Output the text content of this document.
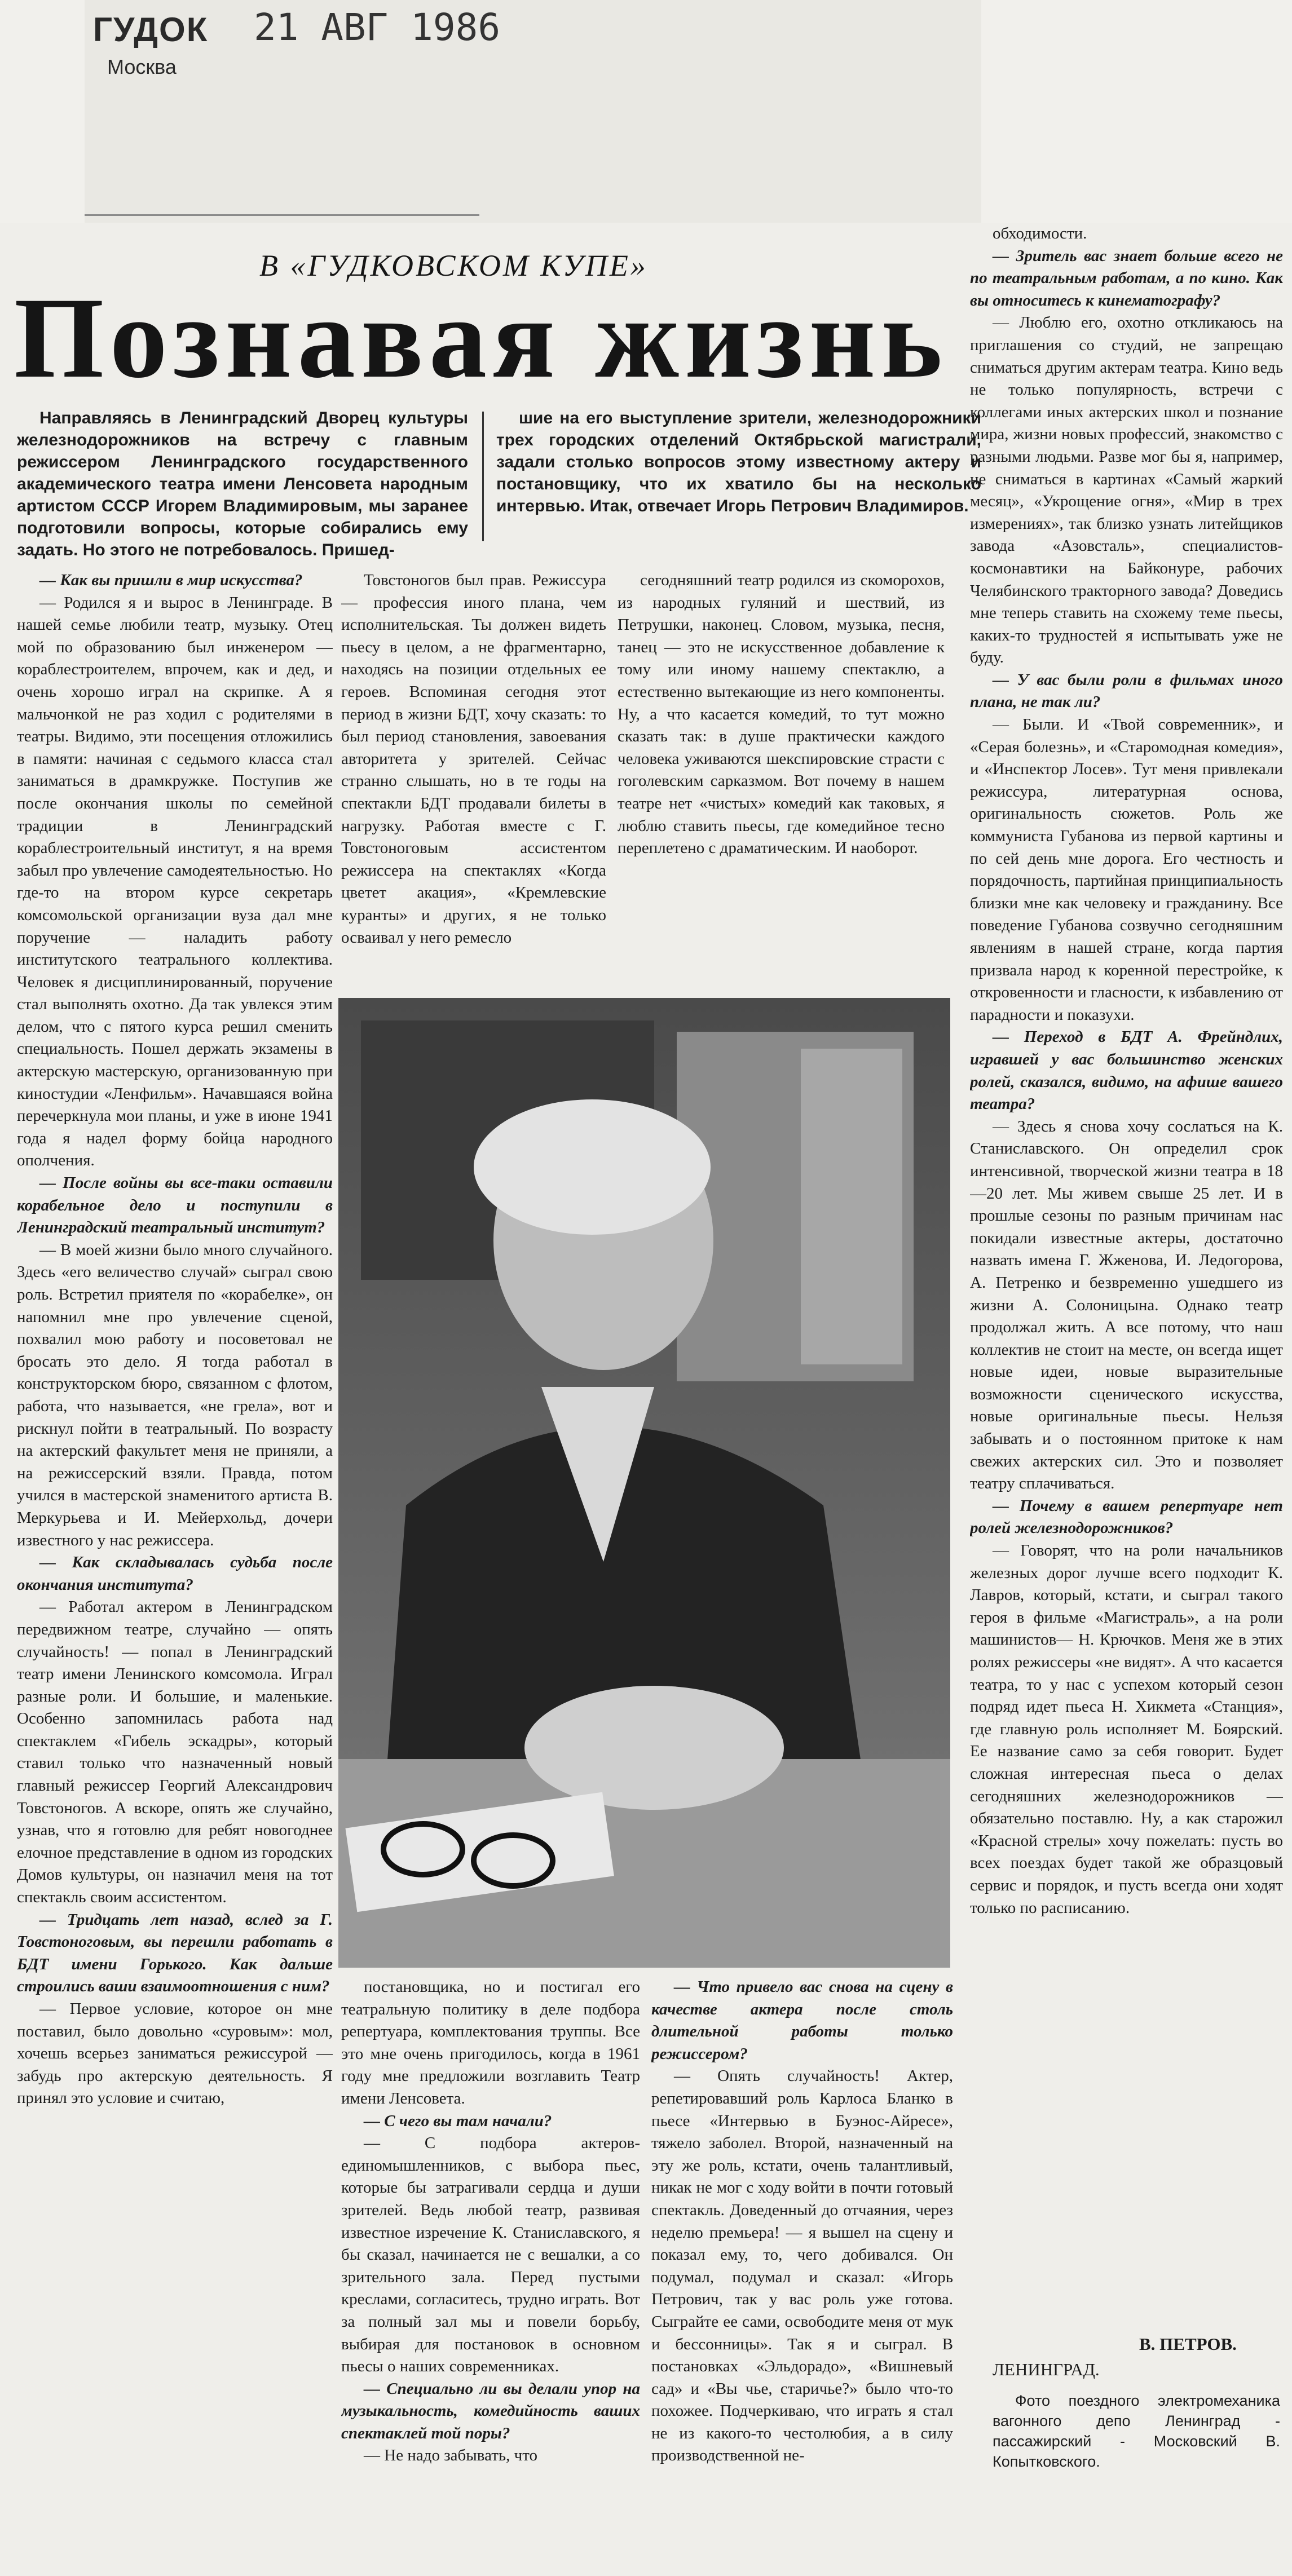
ГУДОК
Москва
21 АВГ 1986
В «ГУДКОВСКОМ КУПЕ»
Познавая жизнь

Направляясь в Ленинградский Дворец культуры железнодорожников на встречу с главным режиссером Ленинградского государственного академического театра имени Ленсовета народным артистом СССР Игорем Владимировым, мы заранее подготовили вопросы, которые собирались ему задать. Но этого не потребовалось. Пришед-

шие на его выступление зрители, железнодорожники трех городских отделений Октябрьской магистрали, задали столько вопросов этому известному актеру и постановщику, что их хватило бы на несколько интервью. Итак, отвечает Игорь Петрович Владимиров.

— Как вы пришли в мир искусства?

— Родился я и вырос в Ленинграде. В нашей семье любили театр, музыку. Отец мой по образованию был инженером — кораблестроителем, впрочем, как и дед, и очень хорошо играл на скрипке. А я мальчонкой не раз ходил с родителями в театры. Видимо, эти посещения отложились в памяти: начиная с седьмого класса стал заниматься в драмкружке. Поступив же после окончания школы по семейной традиции в Ленинградский кораблестроительный институт, я на время забыл про увлечение самодеятельностью. Но где-то на втором курсе секретарь комсомольской организации вуза дал мне поручение — наладить работу институтского театрального коллектива. Человек я дисциплинированный, поручение стал выполнять охотно. Да так увлекся этим делом, что с пятого курса решил сменить специальность. Пошел держать экзамены в актерскую мастерскую, организованную при киностудии «Ленфильм». Начавшаяся война перечеркнула мои планы, и уже в июне 1941 года я надел форму бойца народного ополчения.

— После войны вы все-таки оставили корабельное дело и поступили в Ленинградский театральный институт?

— В моей жизни было много случайного. Здесь «его величество случай» сыграл свою роль. Встретил приятеля по «корабелке», он напомнил мне про увлечение сценой, похвалил мою работу и посоветовал не бросать это дело. Я тогда работал в конструкторском бюро, связанном с флотом, работа, что называется, «не грела», вот и рискнул пойти в театральный. По возрасту на актерский факультет меня не приняли, а на режиссерский взяли. Правда, потом учился в мастерской знаменитого артиста В. Меркурьева и И. Мейерхольд, дочери известного у нас режиссера.

— Как складывалась судьба после окончания института?

— Работал актером в Ленинградском передвижном театре, случайно — опять случайность! — попал в Ленинградский театр имени Ленинского комсомола. Играл разные роли. И большие, и маленькие. Особенно запомнилась работа над спектаклем «Гибель эскадры», который ставил только что назначенный новый главный режиссер Георгий Александрович Товстоногов. А вскоре, опять же случайно, узнав, что я готовлю для ребят новогоднее елочное представление в одном из городских Домов культуры, он назначил меня на тот спектакль своим ассистентом.

— Тридцать лет назад, вслед за Г. Товстоноговым, вы перешли работать в БДТ имени Горького. Как дальше строились ваши взаимоотношения с ним?

— Первое условие, которое он мне поставил, было довольно «суровым»: мол, хочешь всерьез заниматься режиссурой — забудь про актерскую деятельность. Я принял это условие и считаю,

Товстоногов был прав. Режиссура — профессия иного плана, чем исполнительская. Ты должен видеть пьесу в целом, а не фрагментарно, находясь на позиции отдельных ее героев. Вспоминая сегодня этот период в жизни БДТ, хочу сказать: то был период становления, завоевания авторитета у зрителей. Сейчас странно слышать, но в те годы на спектакли БДТ продавали билеты в нагрузку. Работая вместе с Г. Товстоноговым ассистентом режиссера на спектаклях «Когда цветет акация», «Кремлевские куранты» и других, я не только осваивал у него ремесло

сегодняшний театр родился из скоморохов, из народных гуляний и шествий, из Петрушки, наконец. Словом, музыка, песня, танец — это не искусственное добавление к тому или иному нашему спектаклю, а естественно вытекающие из него компоненты. Ну, а что касается комедий, то тут можно сказать так: в душе практически каждого человека уживаются шекспировские страсти с гоголевским сарказмом. Вот почему в нашем театре нет «чистых» комедий как таковых, я люблю ставить пьесы, где комедийное тесно переплетено с драматическим. И наоборот.

постановщика, но и постигал его театральную политику в деле подбора репертуара, комплектования труппы. Все это мне очень пригодилось, когда в 1961 году мне предложили возглавить Театр имени Ленсовета.

— С чего вы там начали?

— С подбора актеров-единомышленников, с выбора пьес, которые бы затрагивали сердца и души зрителей. Ведь любой театр, развивая известное изречение К. Станиславского, я бы сказал, начинается не с вешалки, а со зрительного зала. Перед пустыми креслами, согласитесь, трудно играть. Вот за полный зал мы и повели борьбу, выбирая для постановок в основном пьесы о наших современниках.

— Специально ли вы делали упор на музыкальность, комедийность ваших спектаклей той поры?

— Не надо забывать, что

— Что привело вас снова на сцену в качестве актера после столь длительной работы только режиссером?

— Опять случайность! Актер, репетировавший роль Карлоса Бланко в пьесе «Интервью в Буэнос-Айресе», тяжело заболел. Второй, назначенный на эту же роль, кстати, очень талантливый, никак не мог с ходу войти в почти готовый спектакль. Доведенный до отчаяния, через неделю премьера! — я вышел на сцену и показал ему, то, чего добивался. Он подумал, подумал и сказал: «Игорь Петрович, так у вас роль уже готова. Сыграйте ее сами, освободите меня от мук и бессонницы». Так я и сыграл. В постановках «Эльдорадо», «Вишневый сад» и «Вы чье, старичье?» было что-то похожее. Подчеркиваю, что играть я стал не из какого-то честолюбия, а в силу производственной не-

обходимости.

— Зритель вас знает больше всего не по театральным работам, а по кино. Как вы относитесь к кинематографу?

— Люблю его, охотно откликаюсь на приглашения со студий, не запрещаю сниматься другим актерам театра. Кино ведь не только популярность, встречи с коллегами иных актерских школ и познание мира, жизни новых профессий, знакомство с разными людьми. Разве мог бы я, например, не сниматься в картинах «Самый жаркий месяц», «Укрощение огня», «Мир в трех измерениях», так близко узнать литейщиков завода «Азовсталь», специалистов-космонавтики на Байконуре, рабочих Челябинского тракторного завода? Доведись мне теперь ставить на схожему теме пьесы, каких-то трудностей я испытывать уже не буду.

— У вас были роли в фильмах иного плана, не так ли?

— Были. И «Твой современник», и «Серая болезнь», и «Старомодная комедия», и «Инспектор Лосев». Тут меня привлекали режиссура, литературная основа, оригинальность сюжетов. Роль же коммуниста Губанова из первой картины и по сей день мне дорога. Его честность и порядочность, партийная принципиальность близки мне как человеку и гражданину. Все поведение Губанова созвучно сегодняшним явлениям в нашей стране, когда партия призвала народ к коренной перестройке, к откровенности и гласности, к избавлению от парадности и показухи.

— Переход в БДТ А. Фрейндлих, игравшей у вас большинство женских ролей, сказался, видимо, на афише вашего театра?

— Здесь я снова хочу сослаться на К. Станиславского. Он определил срок интенсивной, творческой жизни театра в 18—20 лет. Мы живем свыше 25 лет. И в прошлые сезоны по разным причинам нас покидали известные актеры, достаточно назвать имена Г. Жженова, И. Ледогорова, А. Петренко и безвременно ушедшего из жизни А. Солоницына. Однако театр продолжал жить. А все потому, что наш коллектив не стоит на месте, он всегда ищет новые идеи, новые выразительные возможности сценического искусства, новые оригинальные пьесы. Нельзя забывать и о постоянном притоке к нам свежих актерских сил. Это и позволяет театру сплачиваться.

— Почему в вашем репертуаре нет ролей железнодорожников?

— Говорят, что на роли начальников железных дорог лучше всего подходит К. Лавров, который, кстати, и сыграл такого героя в фильме «Магистраль», а на роли машинистов— Н. Крючков. Меня же в этих ролях режиссеры «не видят». А что касается театра, то у нас с успехом который сезон подряд идет пьеса Н. Хикмета «Станция», где главную роль исполняет М. Боярский. Ее название само за себя говорит. Будет сложная интересная пьеса о делах сегодняшних железнодорожников — обязательно поставлю. Ну, а как старожил «Красной стрелы» хочу пожелать: пусть во всех поездах будет такой же образцовый сервис и порядок, и пусть всегда они ходят только по расписанию.

В. ПЕТРОВ.
ЛЕНИНГРАД.
Фото поездного электромеханика вагонного депо Ленинград - пассажирский - Московский В. Копытковского.
